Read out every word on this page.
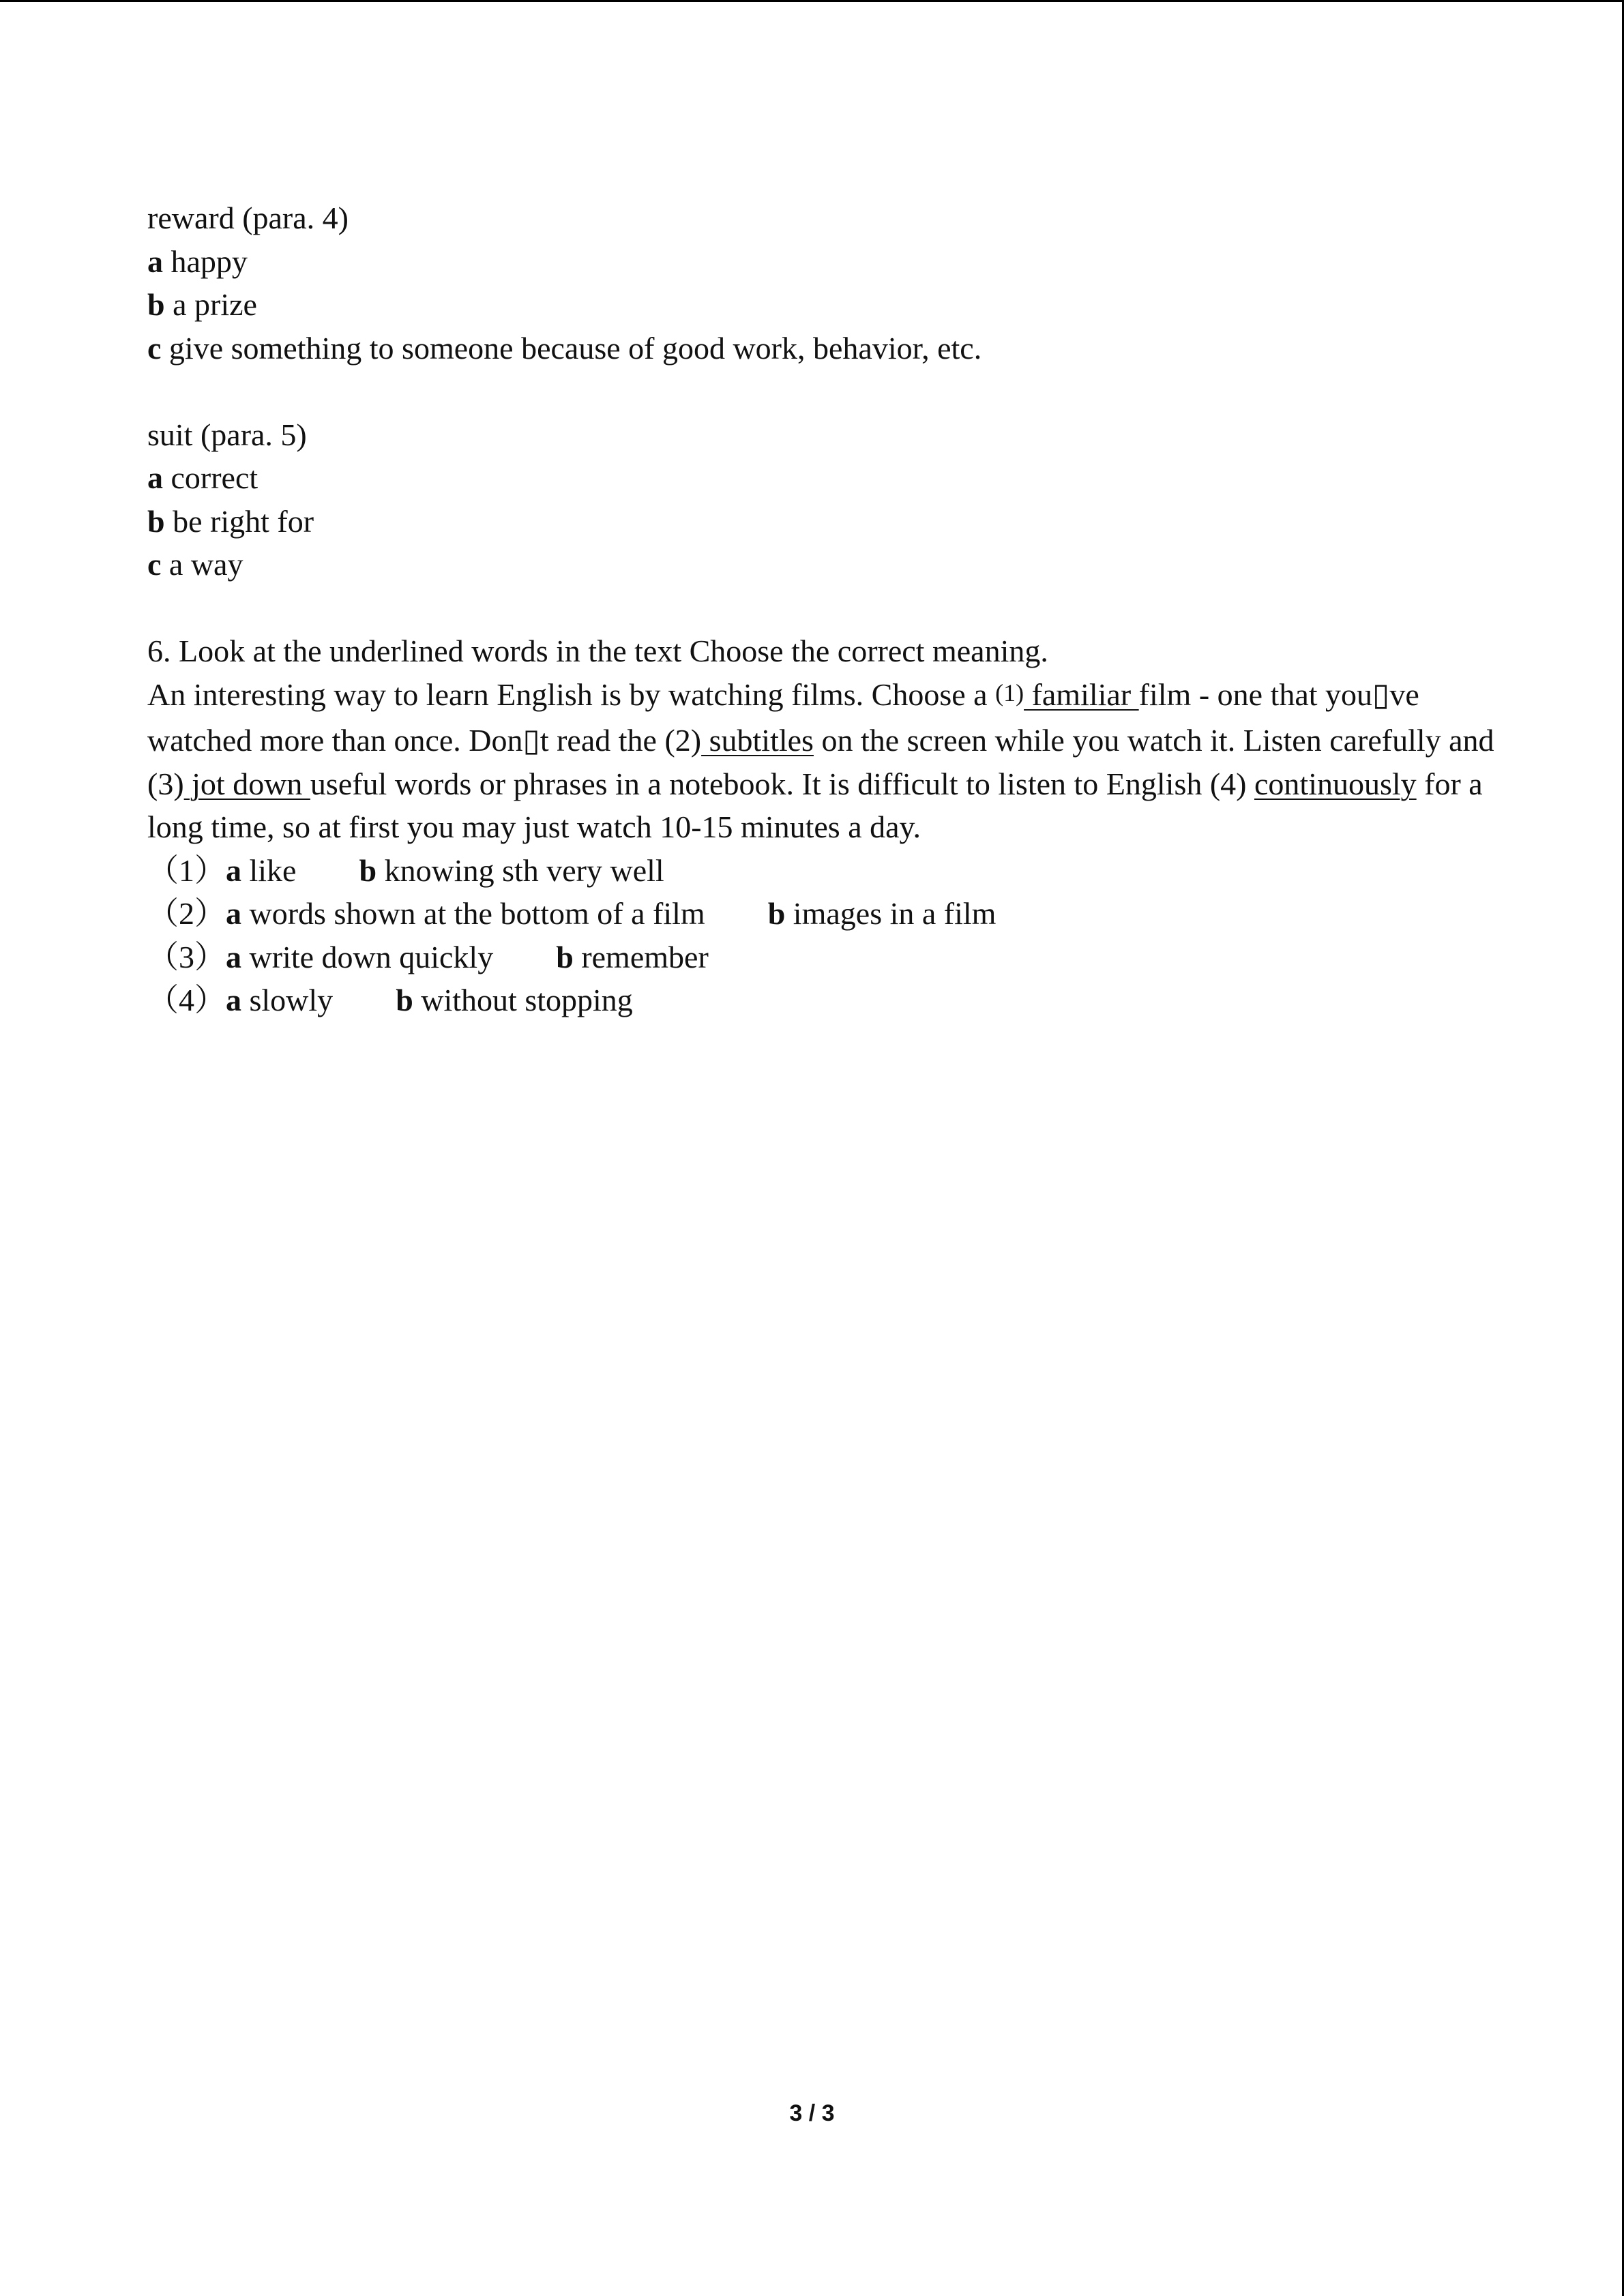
reward (para. 4)

a happy

b a prize

c give something to someone because of good work, behavior, etc.

suit (para. 5)

a correct

b be right for

c a way

6. Look at the underlined words in the text Choose the correct meaning.

An interesting way to learn English is by watching films. Choose a (1) familiar film - one that you▯ve watched more than once. Don▯t read the (2) subtitles on the screen while you watch it. Listen carefully and (3) jot down useful words or phrases in a notebook. It is difficult to listen to English (4) continuously for a long time, so at first you may just watch 10-15 minutes a day.

（1）a like b knowing sth very well

（2）a words shown at the bottom of a film b images in a film

（3）a write down quickly b remember

（4）a slowly b without stopping

3 / 3
